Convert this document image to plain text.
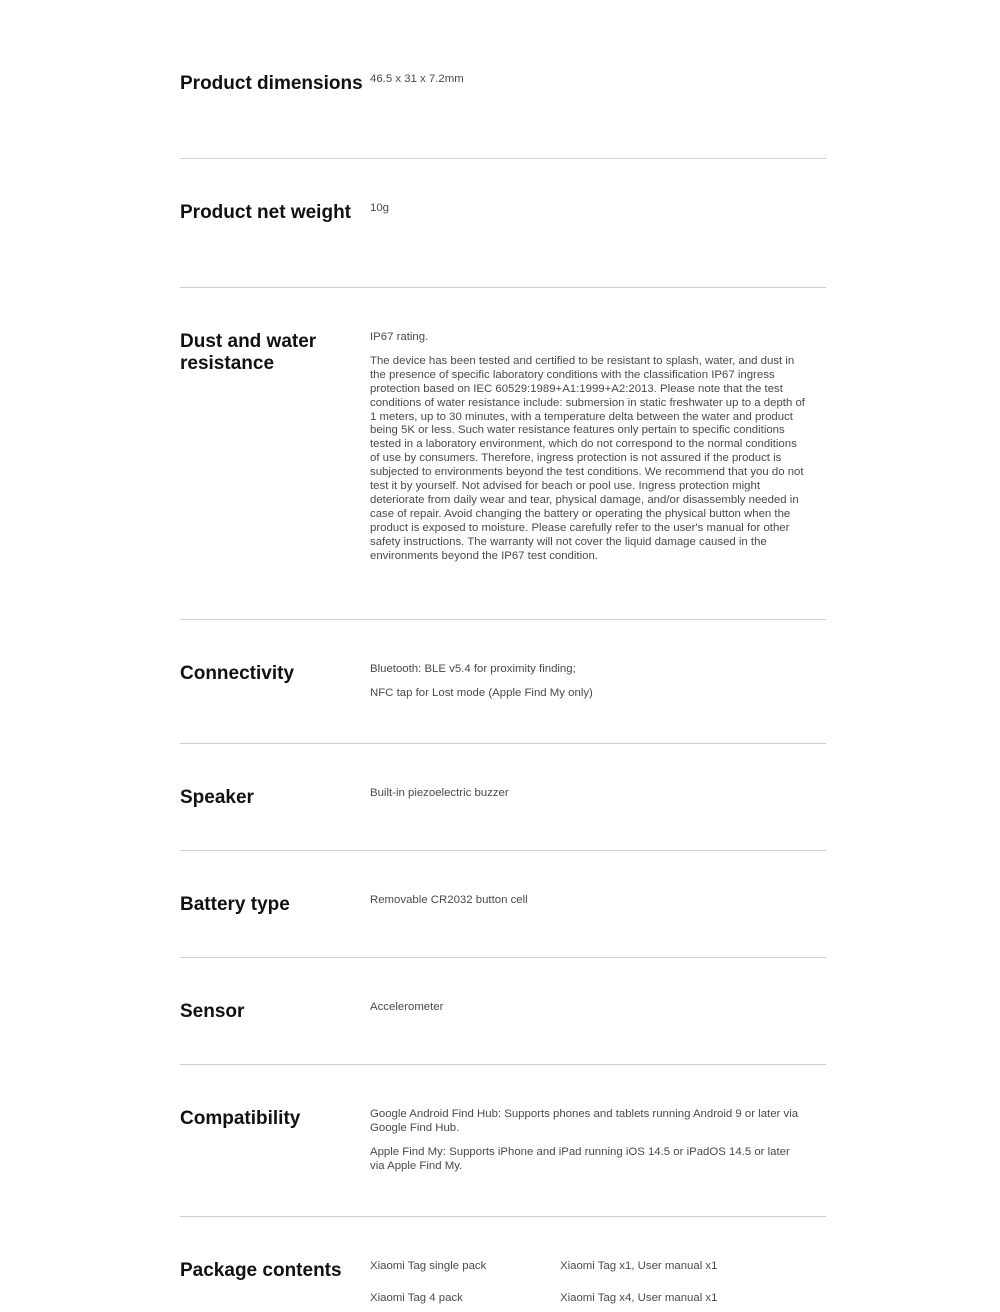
Product dimensions 46.5 x 31 x 7.2mm

Product net weight	10g

Dust and water resistance

IP67 rating.

The device has been tested and certified to be resistant to splash, water, and dust in the presence of specific laboratory conditions with the classification IP67 ingress protection based on IEC 60529:1989+A1:1999+A2:2013. Please note that the test conditions of water resistance include: submersion in static freshwater up to a depth of 1 meters, up to 30 minutes, with a temperature delta between the water and product being 5K or less. Such water resistance features only pertain to specific conditions tested in a laboratory environment, which do not correspond to the normal conditions of use by consumers. Therefore, ingress protection is not assured if the product is subjected to environments beyond the test conditions. We recommend that you do not test it by yourself. Not advised for beach or pool use. Ingress protection might deteriorate from daily wear and tear, physical damage, and/or disassembly needed in case of repair. Avoid changing the battery or operating the physical button when the product is exposed to moisture. Please carefully refer to the user's manual for other safety instructions. The warranty will not cover the liquid damage caused in the environments beyond the IP67 test condition.

Connectivity	Bluetooth: BLE v5.4 for proximity finding;

NFC tap for Lost mode (Apple Find My only)

Speaker	Built-in piezoelectric buzzer

Battery type	Removable CR2032 button cell

Sensor	Accelerometer

Compatibility	Google Android Find Hub: Supports phones and tablets running Android 9 or later via Google Find Hub.

Apple Find My: Supports iPhone and iPad running iOS 14.5 or iPadOS 14.5 or later via Apple Find My.

Package contents	Xiaomi Tag single pack	Xiaomi Tag x1, User manual x1
Xiaomi Tag 4 pack	Xiaomi Tag x4, User manual x1
